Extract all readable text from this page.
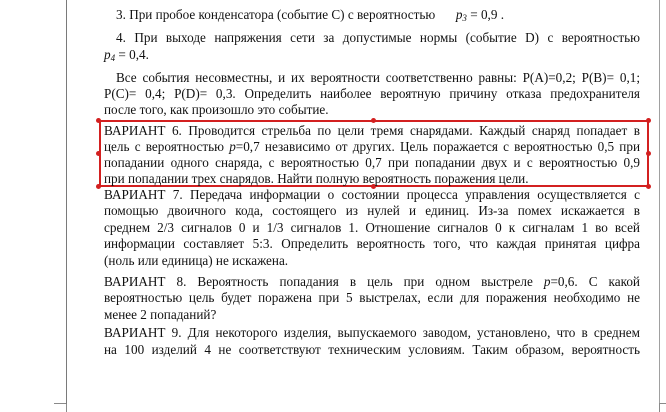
3. При пробое конденсатора (событие С) с вероятностью $p_3 = 0,9$ .
4. При выходе напряжения сети за допустимые нормы (событие D) с вероятностью
$p_4 = 0,4$.
Все события несовместны, и их вероятности соответственно равны: P(A)=0,2; P(B)= 0,1;
P(C)= 0,4; P(D)= 0,3. Определить наиболее вероятную причину отказа предохранителя
после того, как произошло это событие.
ВАРИАНТ 6. Проводится стрельба по цели тремя снарядами. Каждый снаряд попадает в
цель с вероятностью p=0,7 независимо от других. Цель поражается с вероятностью 0,5 при
попадании одного снаряда, с вероятностью 0,7 при попадании двух и с вероятностью 0,9
при попадании трех снарядов. Найти полную вероятность поражения цели.
ВАРИАНТ 7. Передача информации о состоянии процесса управления осуществляется с
помощью двоичного кода, состоящего из нулей и единиц. Из-за помех искажается в
среднем 2/3 сигналов 0 и 1/3 сигналов 1. Отношение сигналов 0 к сигналам 1 во всей
информации составляет 5:3. Определить вероятность того, что каждая принятая цифра
(ноль или единица) не искажена.
ВАРИАНТ 8. Вероятность попадания в цель при одном выстреле p=0,6. С какой
вероятностью цель будет поражена при 5 выстрелах, если для поражения необходимо не
менее 2 попаданий?
ВАРИАНТ 9. Для некоторого изделия, выпускаемого заводом, установлено, что в среднем
на 100 изделий 4 не соответствуют техническим условиям. Таким образом, вероятность
